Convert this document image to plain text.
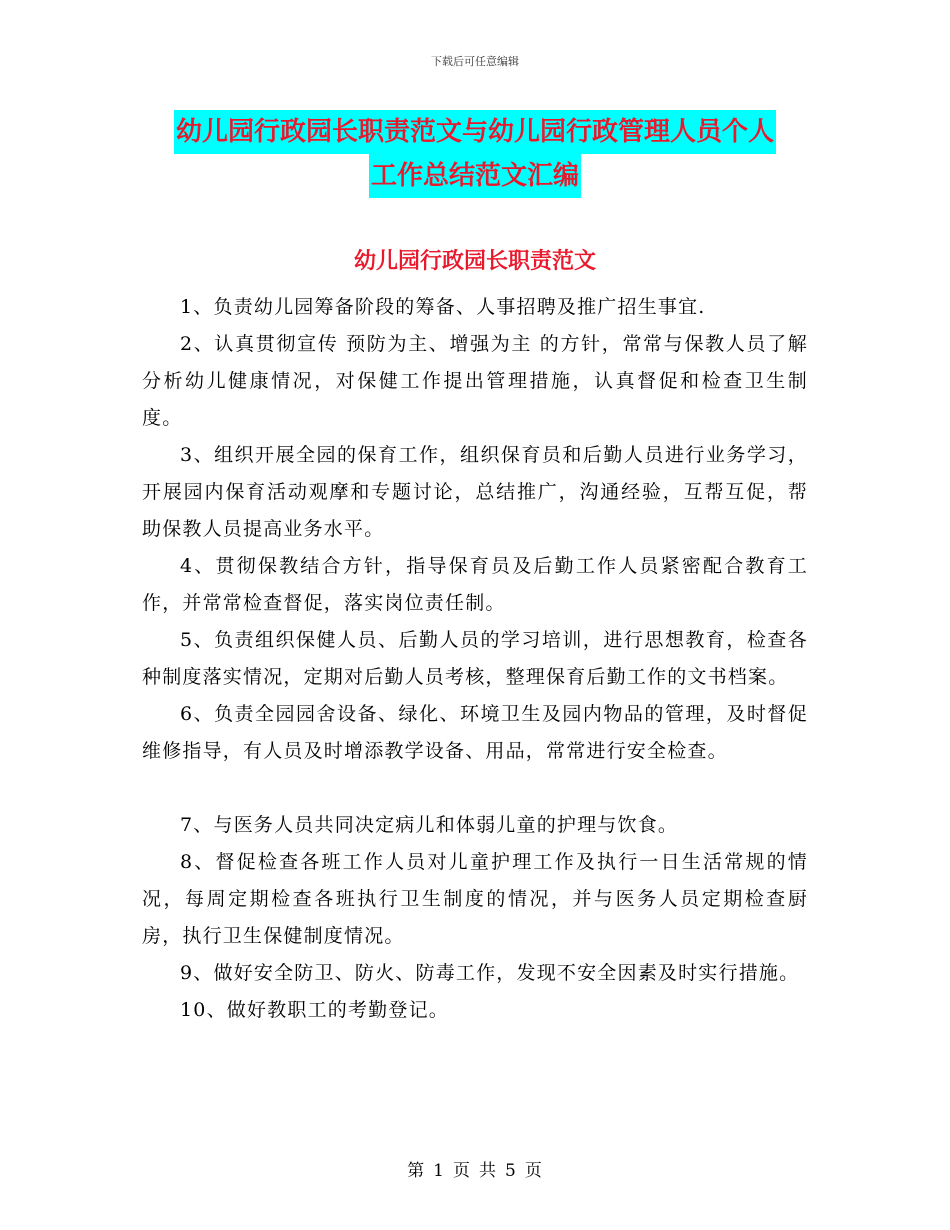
下载后可任意编辑
幼儿园行政园长职责范文与幼儿园行政管理人员个人
工作总结范文汇编
幼儿园行政园长职责范文

1、负责幼儿园筹备阶段的筹备、人事招聘及推广招生事宜.

2、认真贯彻宣传 预防为主、增强为主 的方针，常常与保教人员了解分析幼儿健康情况，对保健工作提出管理措施，认真督促和检查卫生制度。

3、组织开展全园的保育工作，组织保育员和后勤人员进行业务学习，开展园内保育活动观摩和专题讨论，总结推广，沟通经验，互帮互促，帮助保教人员提高业务水平。

4、贯彻保教结合方针，指导保育员及后勤工作人员紧密配合教育工作，并常常检查督促，落实岗位责任制。

5、负责组织保健人员、后勤人员的学习培训，进行思想教育，检查各种制度落实情况，定期对后勤人员考核，整理保育后勤工作的文书档案。

6、负责全园园舍设备、绿化、环境卫生及园内物品的管理，及时督促维修指导，有人员及时增添教学设备、用品，常常进行安全检查。

7、与医务人员共同决定病儿和体弱儿童的护理与饮食。

8、督促检查各班工作人员对儿童护理工作及执行一日生活常规的情况，每周定期检查各班执行卫生制度的情况，并与医务人员定期检查厨房，执行卫生保健制度情况。

9、做好安全防卫、防火、防毒工作，发现不安全因素及时实行措施。

10、做好教职工的考勤登记。

第 1 页 共 5 页
